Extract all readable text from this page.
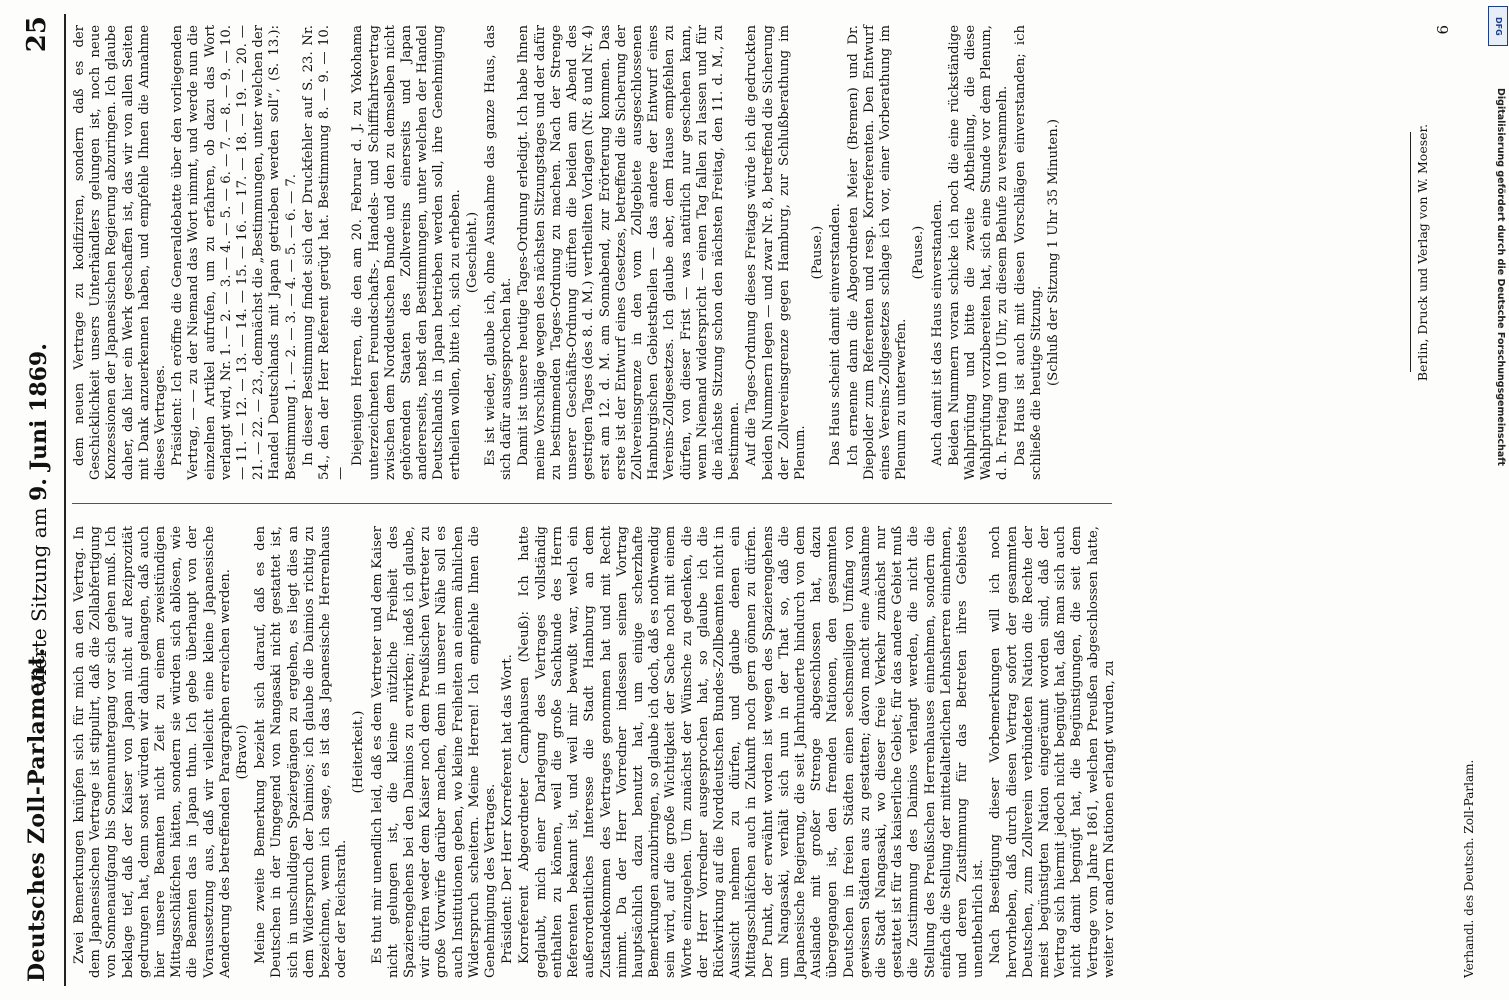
Deutsches Zoll-Parlament.
Vierte Sitzung am 9. Juni 1869.
25

Zwei Bemerkungen knüpfen sich für mich an den Vertrag. In dem Japanesischen Vertrage ist stipulirt, daß die Zollabfertigung von Sonnenaufgang bis Sonnenuntergang vor sich gehen muß. Ich beklage tief, daß der Kaiser von Japan nicht auf Reziprozität gedrungen hat, denn sonst würden wir dahin gelangen, daß auch hier unsere Beamten nicht Zeit zu einem zweistündigen Mittagsschläfchen hätten, sondern sie würden sich ablösen, wie die Beamten das in Japan thun. Ich gebe überhaupt von der Voraussetzung aus, daß wir vielleicht eine kleine Japanesische Aenderung des betreffenden Paragraphen erreichen werden. (Bravo!) Meine zweite Bemerkung bezieht sich darauf, daß es den Deutschen in der Umgegend von Nangasaki nicht gestattet ist, sich in unschuldigen Spaziergängen zu ergehen, es liegt dies an dem Widerspruch der Daimios; ich glaube die Daimios richtig zu bezeichnen, wenn ich sage, es ist das Japanesische Herrenhaus oder der Reichsrath.

(Heiterkeit.) Es thut mir unendlich leid, daß es dem Vertreter und dem Kaiser nicht gelungen ist, die kleine nützliche Freiheit des Spazierengehens bei den Daimios zu erwirken; indeß ich glaube, wir dürfen weder dem Kaiser noch dem Preußischen Vertreter zu große Vorwürfe darüber machen, denn in unserer Nähe soll es auch Institutionen geben, wo kleine Freiheiten an einem ähnlichen Widerspruch scheitern. Meine Herren! Ich empfehle Ihnen die Genehmigung des Vertrages. Präsident: Der Herr Korreferent hat das Wort. Korreferent Abgeordneter Camphausen (Neuß): Ich hatte geglaubt, mich einer Darlegung des Vertrages vollständig enthalten zu können, weil die große Sachkunde des Herrn Referenten bekannt ist, und weil mir bewußt war, welch ein außerordentliches Interesse die Stadt Hamburg an dem Zustandekommen des Vertrages genommen hat und mit Recht nimmt. Da der Herr Vorredner indessen seinen Vortrag hauptsächlich dazu benutzt hat, um einige scherzhafte Bemerkungen anzubringen, so glaube ich doch, daß es nothwendig sein wird, auf die große Wichtigkeit der Sache noch mit einem Worte einzugehen. Um zunächst der Wünsche zu gedenken, die der Herr Vorredner ausgesprochen hat, so glaube ich die Rückwirkung auf die Norddeutschen Bundes-Zollbeamten nicht in Aussicht nehmen zu dürfen, und glaube denen ein Mittagsschläfchen auch in Zukunft noch gern gönnen zu dürfen. Der Punkt, der erwähnt worden ist wegen des Spazierengehens um Nangasaki, verhält sich nun in der That so, daß die Japanesische Regierung, die seit Jahrhunderte hindurch von dem Auslande mit großer Strenge abgeschlossen hat, dazu übergegangen ist, den fremden Nationen, den gesammten Deutschen in freien Städten einen sechsmeiligen Umfang von gewissen Städten aus zu gestatten; davon macht eine Ausnahme die Stadt Nangasaki, wo dieser freie Verkehr zunächst nur gestattet ist für das kaiserliche Gebiet; für das andere Gebiet muß die Zustimmung des Daimios verlangt werden, die nicht die Stellung des Preußischen Herrenhauses einnehmen, sondern die einfach die Stellung der mittelalterlichen Lehnsherren einnehmen, und deren Zustimmung für das Betreten ihres Gebietes unentbehrlich ist. Nach Beseitigung dieser Vorbemerkungen will ich noch hervorheben, daß durch diesen Vertrag sofort der gesammten Deutschen, zum Zollverein verbündeten Nation die Rechte der meist begünstigten Nation eingeräumt worden sind, daß der Vertrag sich hiermit jedoch nicht begnügt hat, daß man sich auch nicht damit begnügt hat, die Begünstigungen, die seit dem Vertrage vom Jahre 1861, welchen Preußen abgeschlossen hatte, weiter vor andern Nationen erlangt wurden, zu

dem neuen Vertrage zu kodifiziren, sondern daß es der Geschicklichkeit unsers Unterhändlers gelungen ist, noch neue Konzessionen der Japanesischen Regierung abzuringen. Ich glaube daher, daß hier ein Werk geschaffen ist, das wir von allen Seiten mit Dank anzuerkennen haben, und empfehle Ihnen die Annahme dieses Vertrages. Präsident: Ich eröffne die Generaldebatte über den vorliegenden Vertrag, — — zu der Niemand das Wort nimmt, und werde nun die einzelnen Artikel aufrufen, um zu erfahren, ob dazu das Wort verlangt wird, Nr. 1. — 2. — 3. — 4. — 5. — 6. — 7. — 8. — 9. — 10. — 11. — 12. — 13. — 14. — 15. — 16. — 17. — 18. — 19. — 20. — 21. — 22. — 23., demnächst die „Bestimmungen, unter welchen der Handel Deutschlands mit Japan getrieben werden soll“, (S. 13.): Bestimmung 1. — 2. — 3. — 4. — 5. — 6. — 7. In dieser Bestimmung findet sich der Druckfehler auf S. 23. Nr. 54., den der Herr Referent gerügt hat. Bestimmung 8. — 9. — 10. —

Diejenigen Herren, die den am 20. Februar d. J. zu Yokohama unterzeichneten Freundschafts-, Handels- und Schifffahrtsvertrag zwischen dem Norddeutschen Bunde und den zu demselben nicht gehörenden Staaten des Zollvereins einerseits und Japan andererseits, nebst den Bestimmungen, unter welchen der Handel Deutschlands in Japan betrieben werden soll, ihre Genehmigung ertheilen wollen, bitte ich, sich zu erheben. (Geschieht.) Es ist wieder, glaube ich, ohne Ausnahme das ganze Haus, das sich dafür ausgesprochen hat. Damit ist unsere heutige Tages-Ordnung erledigt. Ich habe Ihnen meine Vorschläge wegen des nächsten Sitzungstages und der dafür zu bestimmenden Tages-Ordnung zu machen. Nach der Strenge unserer Geschäfts-Ordnung dürften die beiden am Abend des gestrigen Tages (des 8. d. M.) vertheilten Vorlagen (Nr. 8 und Nr. 4) erst am 12. d. M. am Sonnabend, zur Erörterung kommen. Das erste ist der Entwurf eines Gesetzes, betreffend die Sicherung der Zollvereinsgrenze in den vom Zollgebiete ausgeschlossenen Hamburgischen Gebietstheilen — das andere der Entwurf eines Vereins-Zollgesetzes. Ich glaube aber, dem Hause empfehlen zu dürfen, von dieser Frist — was natürlich nur geschehen kann, wenn Niemand widerspricht — einen Tag fallen zu lassen und für die nächste Sitzung schon den nächsten Freitag, den 11. d. M., zu bestimmen. Auf die Tages-Ordnung dieses Freitags würde ich die gedruckten beiden Nummern legen — und zwar Nr. 8, betreffend die Sicherung der Zollvereinsgrenze gegen Hamburg, zur Schlußberathung im Plenum.

(Pause.) Das Haus scheint damit einverstanden. Ich ernenne dann die Abgeordneten Meier (Bremen) und Dr. Diepolder zum Referenten und resp. Korreferenten. Den Entwurf eines Vereins-Zollgesetzes schlage ich vor, einer Vorberathung im Plenum zu unterwerfen.

(Pause.) Auch damit ist das Haus einverstanden. Beiden Nummern voran schicke ich noch die eine rückständige Wahlprüfung und bitte die zweite Abtheilung, die diese Wahlprüfung vorzubereiten hat, sich eine Stunde vor dem Plenum, d. h. Freitag um 10 Uhr, zu diesem Behufe zu versammeln. Das Haus ist auch mit diesen Vorschlägen einverstanden; ich schließe die heutige Sitzung. (Schluß der Sitzung 1 Uhr 35 Minuten.)

Verhandl. des Deutsch. Zoll-Parlam.
Berlin, Druck und Verlag von W. Moeser.
6	DFG
Digitalisierung gefördert durch die Deutsche Forschungsgemeinschaft
